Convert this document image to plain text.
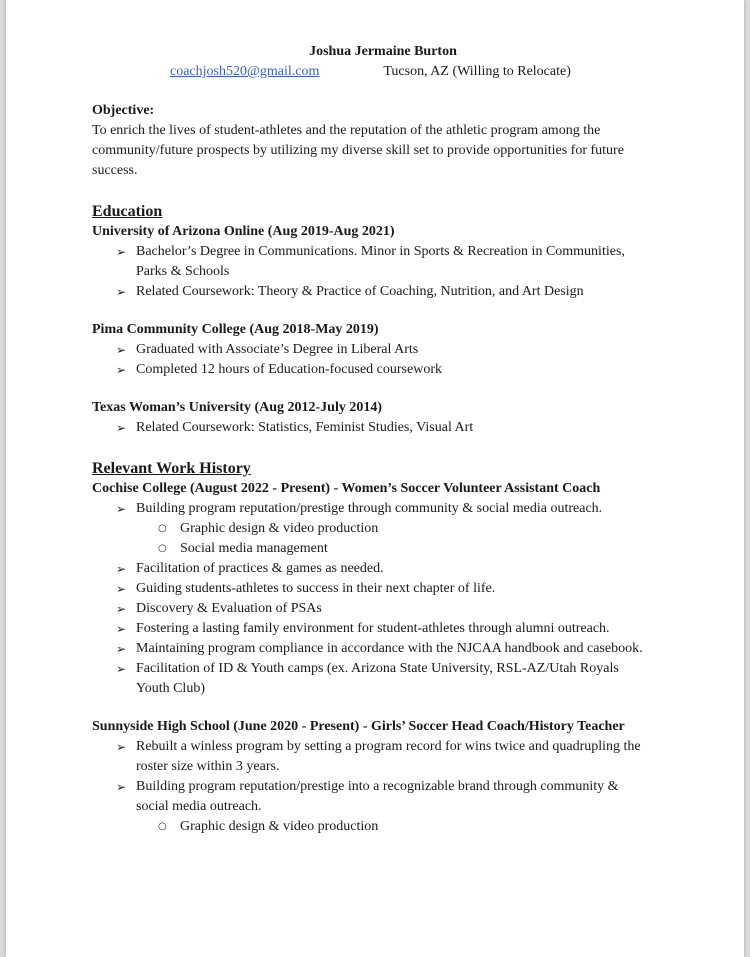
Joshua Jermaine Burton
coachjosh520@gmail.com	Tucson, AZ (Willing to Relocate)
Objective:

To enrich the lives of student-athletes and the reputation of the athletic program among the community/future prospects by utilizing my diverse skill set to provide opportunities for future success.

Education
University of Arizona Online (Aug 2019-Aug 2021)
➢ Bachelor’s Degree in Communications. Minor in Sports & Recreation in Communities, Parks & Schools
➢ Related Coursework: Theory & Practice of Coaching, Nutrition, and Art Design
Pima Community College (Aug 2018-May 2019)
➢ Graduated with Associate’s Degree in Liberal Arts
➢ Completed 12 hours of Education-focused coursework
Texas Woman’s University (Aug 2012-July 2014)
➢ Related Coursework: Statistics, Feminist Studies, Visual Art
Relevant Work History
Cochise College (August 2022 - Present) - Women’s Soccer Volunteer Assistant Coach
➢ Building program reputation/prestige through community & social media outreach.
○ Graphic design & video production
○ Social media management
➢ Facilitation of practices & games as needed.
➢ Guiding students-athletes to success in their next chapter of life.
➢ Discovery & Evaluation of PSAs
➢ Fostering a lasting family environment for student-athletes through alumni outreach.
➢ Maintaining program compliance in accordance with the NJCAA handbook and casebook.
➢ Facilitation of ID & Youth camps (ex. Arizona State University, RSL-AZ/Utah Royals Youth Club)
Sunnyside High School (June 2020 - Present) - Girls’ Soccer Head Coach/History Teacher
➢ Rebuilt a winless program by setting a program record for wins twice and quadrupling the roster size within 3 years.
➢ Building program reputation/prestige into a recognizable brand through community & social media outreach.
○ Graphic design & video production
